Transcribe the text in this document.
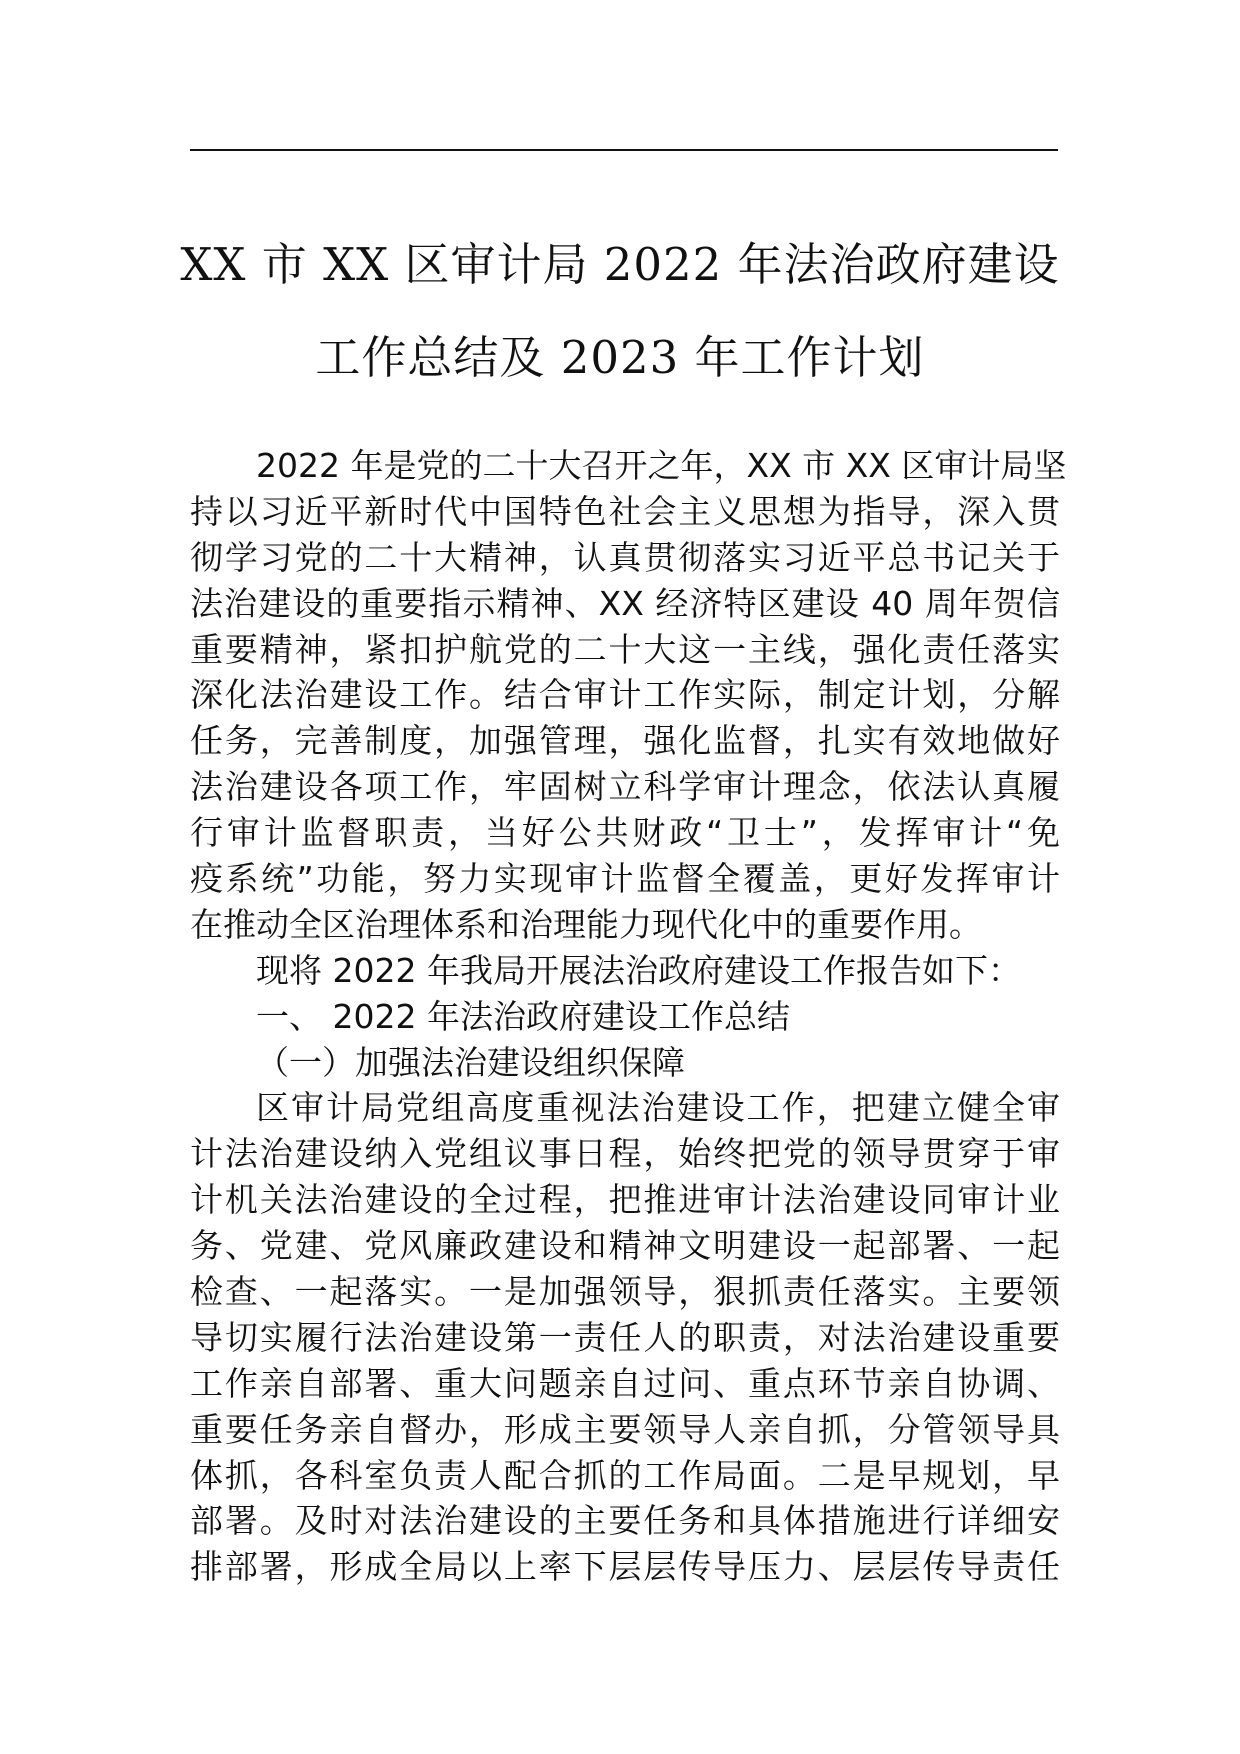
XX 市 XX 区审计局 2022 年法治政府建设
工作总结及 2023 年工作计划
2022 年是党的二十大召开之年，XX 市 XX 区审计局坚
持以习近平新时代中国特色社会主义思想为指导，深入贯
彻学习党的二十大精神，认真贯彻落实习近平总书记关于
法治建设的重要指示精神、XX 经济特区建设 40 周年贺信
重要精神，紧扣护航党的二十大这一主线，强化责任落实
深化法治建设工作。结合审计工作实际，制定计划，分解
任务，完善制度，加强管理，强化监督，扎实有效地做好
法治建设各项工作，牢固树立科学审计理念，依法认真履
行审计监督职责，当好公共财政“卫士”，发挥审计“免
疫系统”功能，努力实现审计监督全覆盖，更好发挥审计
在推动全区治理体系和治理能力现代化中的重要作用。
现将 2022 年我局开展法治政府建设工作报告如下：
一、 2022 年法治政府建设工作总结
（一）加强法治建设组织保障
区审计局党组高度重视法治建设工作，把建立健全审
计法治建设纳入党组议事日程，始终把党的领导贯穿于审
计机关法治建设的全过程，把推进审计法治建设同审计业
务、党建、党风廉政建设和精神文明建设一起部署、一起
检查、一起落实。一是加强领导，狠抓责任落实。主要领
导切实履行法治建设第一责任人的职责，对法治建设重要
工作亲自部署、重大问题亲自过问、重点环节亲自协调、
重要任务亲自督办，形成主要领导人亲自抓，分管领导具
体抓，各科室负责人配合抓的工作局面。二是早规划，早
部署。及时对法治建设的主要任务和具体措施进行详细安
排部署，形成全局以上率下层层传导压力、层层传导责任
